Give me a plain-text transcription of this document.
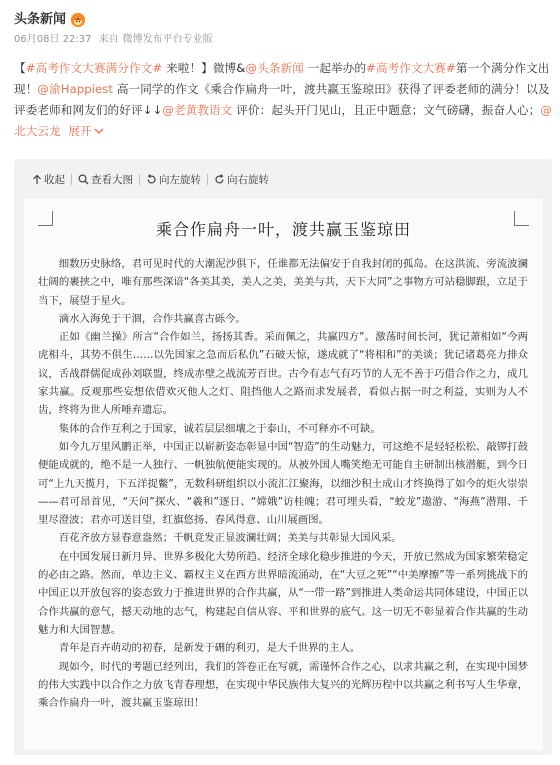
头条新闻
06月08日 22:37 来自 微博发布平台专业版
【#高考作文大赛满分作文# 来啦！】微博&@头条新闻 一起举办的#高考作文大赛#第一个满分作文出现！@渝Happiest 高一同学的作文《乘合作扁舟一叶，渡共赢玉鉴琼田》获得了评委老师的满分！以及评委老师和网友们的好评↓↓@老黄教语文 评价：起头开门见山，且正中题意；文气磅礴，振奋人心；@北大云龙 展开
收起 查看大图 向左旋转 向右旋转
乘合作扁舟一叶，渡共赢玉鉴琼田

细数历史脉络，君可见时代的大潮泥沙俱下，任谁都无法偏安于自我封闭的孤岛。在这洪流、旁流波澜壮阔的裹挟之中，唯有那些深谙“各美其美，美人之美，美美与共，天下大同”之事物方可站稳脚跟，立足于当下，展望于星火。

滴水入海免于干涸，合作共赢喜古砾今。

正如《幽兰操》所言“合作如兰，扬扬其香。采而佩之，共赢四方”。激荡时间长河，犹记萧相如“今两虎相斗，其势不俱生……以先国家之急而后私仇”石破天惊，遂成就了“将相和”的美谈；犹记诸葛亮力排众议，舌战群儒促成孙刘联盟，终成赤壁之战流芳百世。古今有志气有巧节的人无不善于巧借合作之力，成几家共赢。反观那些妄想依借欢灭他人之灯、阻挡他人之路而求发展者，看似占据一时之利益，实则为人不齿，终将为世人所唾弃遗忘。

集体的合作互利之于国家，诚若层层细壤之于泰山，不可释亦不可缺。

如今九万里风鹏正举，中国正以崭新姿态彰显中国“智造”的生动魅力，可这绝不是轻轻松松、敲锣打鼓便能成就的，绝不是一人独行、一帆独航便能实现的。从被外国人嘴笑绝无可能自主研制出核潜艇，到今日可“上九天揽月，下五洋捉鳖”，无数科研组织以小流汇江聚海，以细沙积土成山才终换得了如今的炬火崇崇——君可昂首见，“天问”探火、“羲和”逐日、“嫦娥”访桂魄；君可埋头看，“蛟龙”遨游、“海燕”潜翔、千里尽澄波；君亦可送目望，红旗悠扬、春风得意、山川展画图。

百花齐放方显春意盎然；千帆竞发正显波澜壮阔；美美与共彰显大国风采。

在中国发展日新月异、世界多极化大势所趋、经济全球化稳步推进的今天，开放已然成为国家繁荣稳定的必由之路。然而，单边主义、霸权主义在西方世界暗流涌动，在“大豆之死”“中美摩擦”等一系列挑战下的中国正以开放包容的姿态致力于推进世界的合作共赢，从“一带一路”到推进人类命运共同体建设，中国正以合作共赢的意气，撼天动地的志气，构建起自信从容、平和世界的底气。这一切无不彰显着合作共赢的生动魅力和大国智慧。

青年是百卉萌动的初春，是新发于硎的利刃，是大千世界的主人。

现如今，时代的考题已经列出，我们的答卷正在写就，需谨怀合作之心，以求共赢之利，在实现中国梦的伟大实践中以合作之力放飞青春理想，在实现中华民族伟大复兴的光辉历程中以共赢之利书写人生华章，乘合作扁舟一叶，渡共赢玉鉴琼田！
